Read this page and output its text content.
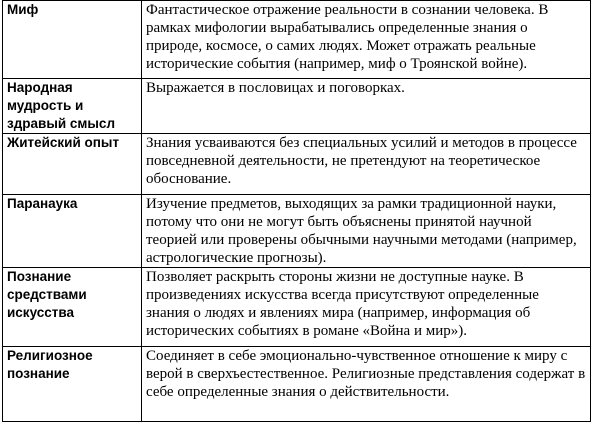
Миф	Фантастическое отражение реальности в сознании человека. В рамках мифологии вырабатывались определенные знания о природе, космосе, о самих людях. Может отражать реальные исторические события (например, миф о Троянской войне).
Народная мудрость и здравый смысл	Выражается в пословицах и поговорках.
Житейский опыт	Знания усваиваются без специальных усилий и методов в процессе повседневной деятельности, не претендуют на теоретическое обоснование.
Паранаука	Изучение предметов, выходящих за рамки традиционной науки, потому что они не могут быть объяснены принятой научной теорией или проверены обычными научными методами (например, астрологические прогнозы).
Познание средствами искусства	Позволяет раскрыть стороны жизни не доступные науке. В произведениях искусства всегда присутствуют определенные знания о людях и явлениях мира (например, информация об исторических событиях в романе «Война и мир»).
Религиозное познание	Соединяет в себе эмоционально-чувственное отношение к миру с верой в сверхъестественное. Религиозные представления содержат в себе определенные знания о действительности.
